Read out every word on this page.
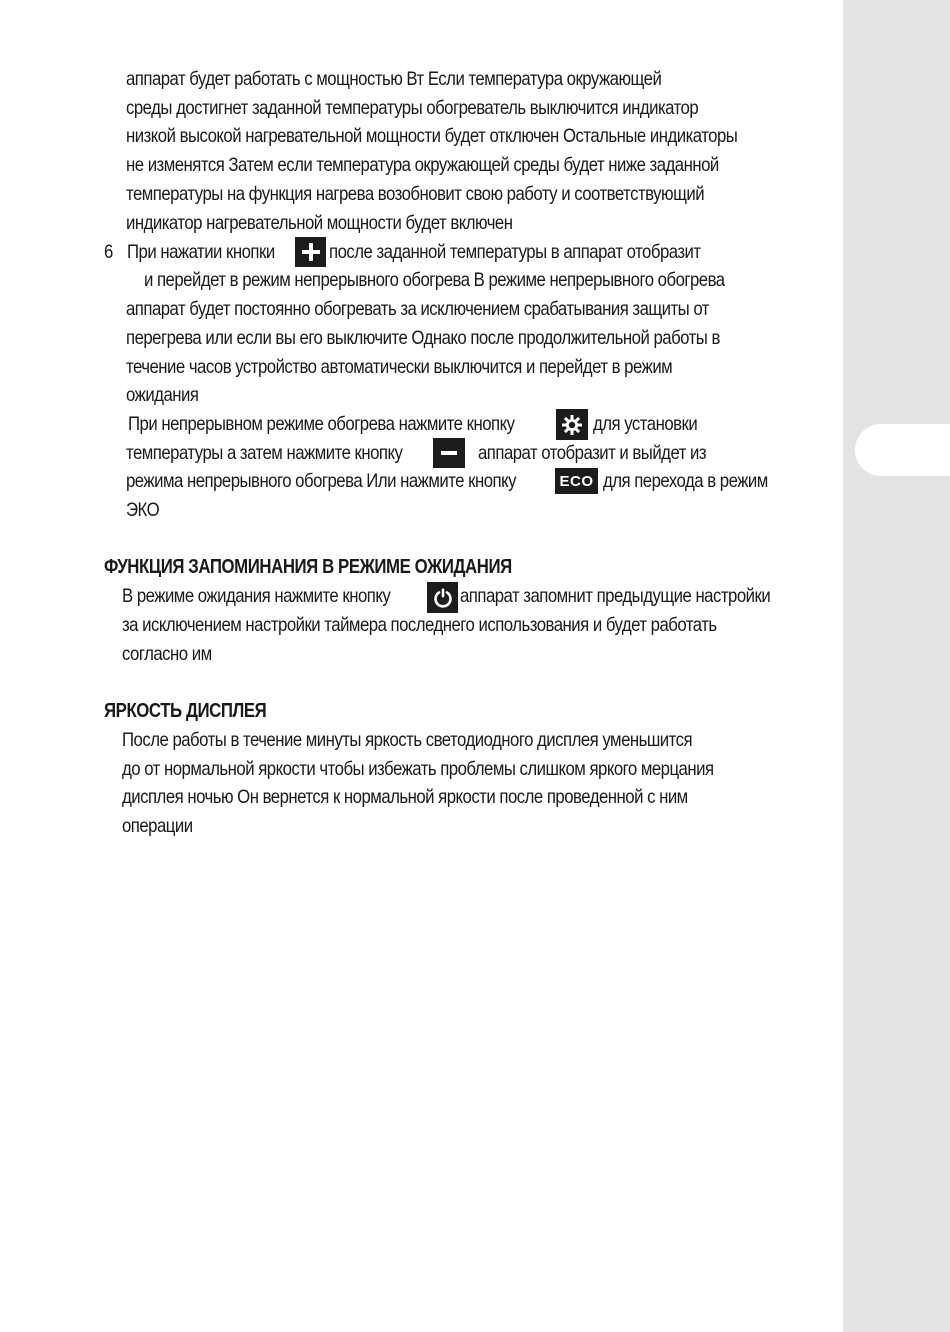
аппарат будет работать с мощностью Вт Если температура окружающей
среды достигнет заданной температуры обогреватель выключится индикатор
низкой высокой нагревательной мощности будет отключен Остальные индикаторы
не изменятся Затем если температура окружающей среды будет ниже заданной
температуры на функция нагрева возобновит свою работу и соответствующий
индикатор нагревательной мощности будет включен
6 При нажатии кнопки	после заданной температуры в аппарат отобразит
и перейдет в режим непрерывного обогрева В режиме непрерывного обогрева
аппарат будет постоянно обогревать за исключением срабатывания защиты от
перегрева или если вы его выключите Однако после продолжительной работы в
течение часов устройство автоматически выключится и перейдет в режим
ожидания
При непрерывном режиме обогрева нажмите кнопку	для установки
температуры а затем нажмите кнопку	аппарат отобразит и выйдет из
режима непрерывного обогрева Или нажмите кнопку	ECO для перехода в режим
ЭКО
ФУНКЦИЯ ЗАПОМИНАНИЯ В РЕЖИМЕ ОЖИДАНИЯ
В режиме ожидания нажмите кнопку	аппарат запомнит предыдущие настройки
за исключением настройки таймера последнего использования и будет работать
согласно им
ЯРКОСТЬ ДИСПЛЕЯ
После работы в течение минуты яркость светодиодного дисплея уменьшится
до от нормальной яркости чтобы избежать проблемы слишком яркого мерцания
дисплея ночью Он вернется к нормальной яркости после проведенной с ним
операции
